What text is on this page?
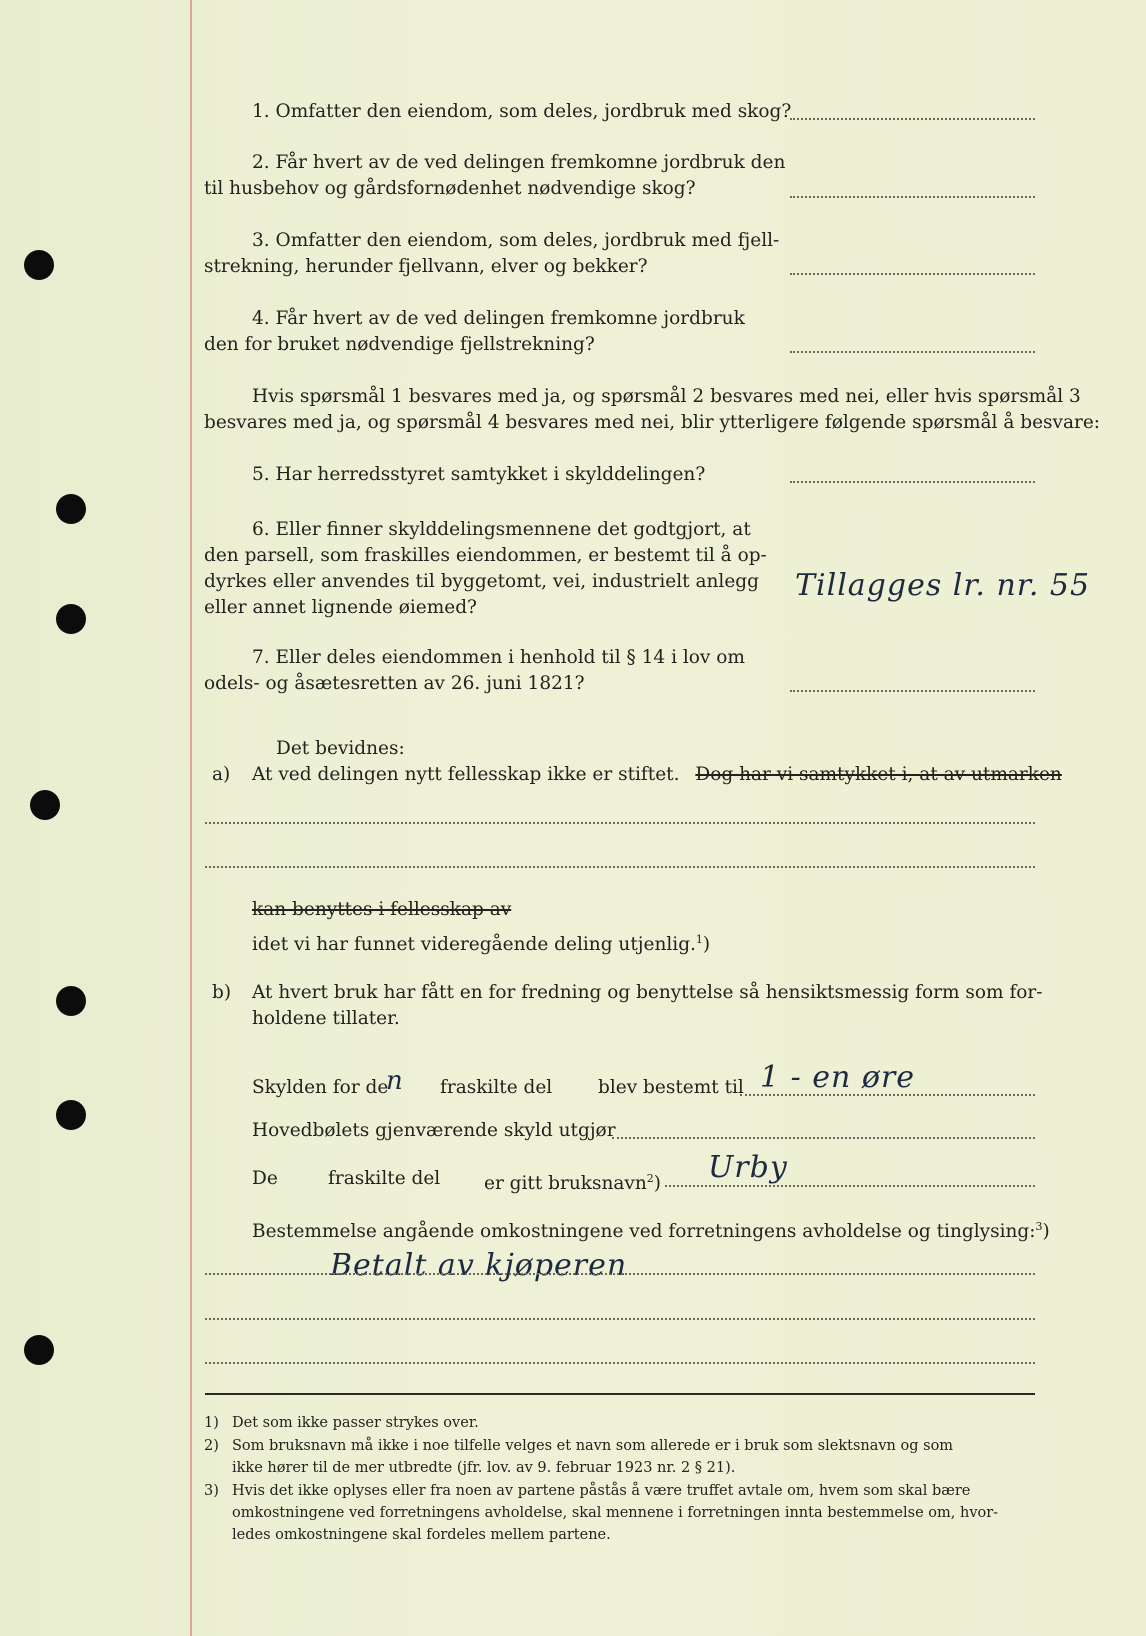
1. Omfatter den eiendom, som deles, jordbruk med skog?
2. Får hvert av de ved delingen fremkomne jordbruk den
til husbehov og gårdsfornødenhet nødvendige skog?
3. Omfatter den eiendom, som deles, jordbruk med fjell-
strekning, herunder fjellvann, elver og bekker?
4. Får hvert av de ved delingen fremkomne jordbruk
den for bruket nødvendige fjellstrekning?
Hvis spørsmål 1 besvares med ja, og spørsmål 2 besvares med nei, eller hvis spørsmål 3
besvares med ja, og spørsmål 4 besvares med nei, blir ytterligere følgende spørsmål å besvare:
5. Har herredsstyret samtykket i skylddelingen?
6. Eller finner skylddelingsmennene det godtgjort, at
den parsell, som fraskilles eiendommen, er bestemt til å op-
dyrkes eller anvendes til byggetomt, vei, industrielt anlegg
eller annet lignende øiemed?
Tillagges lr. nr. 55
7. Eller deles eiendommen i henhold til § 14 i lov om
odels- og åsætesretten av 26. juni 1821?
Det bevidnes:
a) At ved delingen nytt fellesskap ikke er stiftet. Dog har vi samtykket i, at av utmarken
kan benyttes i fellesskap av
idet vi har funnet videregående deling utjenlig.$^1$)
b) At hvert bruk har fått en for fredning og benyttelse så hensiktsmessig form som for-
holdene tillater.
Skylden for de
n fraskilte del blev bestemt til 1 - en øre
Hovedbølets gjenværende skyld utgjør
De	fraskilte del er gitt bruksnavn$^2$) Urby
Bestemmelse angående omkostningene ved forretningens avholdelse og tinglysing:$^3$)
Betalt av kjøperen
1) Det som ikke passer strykes over.
2) Som bruksnavn må ikke i noe tilfelle velges et navn som allerede er i bruk som slektsnavn og som
ikke hører til de mer utbredte (jfr. lov. av 9. februar 1923 nr. 2 § 21).
3) Hvis det ikke oplyses eller fra noen av partene påstås å være truffet avtale om, hvem som skal bære
omkostningene ved forretningens avholdelse, skal mennene i forretningen innta bestemmelse om, hvor-
ledes omkostningene skal fordeles mellem partene.
